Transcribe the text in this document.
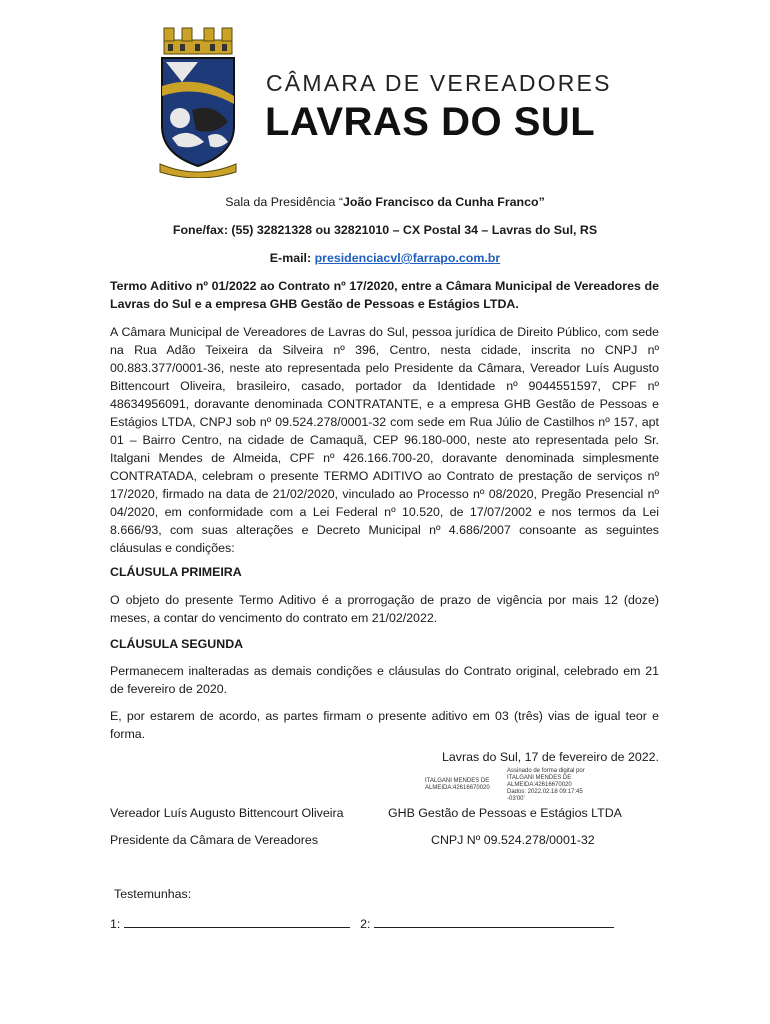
CÂMARA DE VEREADORES
LAVRAS DO SUL
Sala da Presidência “João Francisco da Cunha Franco”
Fone/fax: (55) 32821328 ou 32821010 – CX Postal 34 – Lavras do Sul, RS
E-mail: presidenciacvl@farrapo.com.br
Termo Aditivo nº 01/2022 ao Contrato nº 17/2020, entre a Câmara Municipal de Vereadores de Lavras do Sul e a empresa GHB Gestão de Pessoas e Estágios LTDA.
A Câmara Municipal de Vereadores de Lavras do Sul, pessoa jurídica de Direito Público, com sede na Rua Adão Teixeira da Silveira nº 396, Centro, nesta cidade, inscrita no CNPJ nº 00.883.377/0001-36, neste ato representada pelo Presidente da Câmara, Vereador Luís Augusto Bittencourt Oliveira, brasileiro, casado, portador da Identidade nº 9044551597, CPF nº 48634956091, doravante denominada CONTRATANTE, e a empresa GHB Gestão de Pessoas e Estágios LTDA, CNPJ sob nº 09.524.278/0001-32 com sede em Rua Júlio de Castilhos nº 157, apt 01 – Bairro Centro, na cidade de Camaquã, CEP 96.180-000, neste ato representada pelo Sr. Italgani Mendes de Almeida, CPF nº 426.166.700-20, doravante denominada simplesmente CONTRATADA, celebram o presente TERMO ADITIVO ao Contrato de prestação de serviços nº 17/2020, firmado na data de 21/02/2020, vinculado ao Processo nº 08/2020, Pregão Presencial nº 04/2020, em conformidade com a Lei Federal nº 10.520, de 17/07/2002 e nos termos da Lei 8.666/93, com suas alterações e Decreto Municipal nº 4.686/2007 consoante as seguintes cláusulas e condições:
CLÁUSULA PRIMEIRA
O objeto do presente Termo Aditivo é a prorrogação de prazo de vigência por mais 12 (doze) meses, a contar do vencimento do contrato em 21/02/2022.
CLÁUSULA SEGUNDA
Permanecem inalteradas as demais condições e cláusulas do Contrato original, celebrado em 21 de fevereiro de 2020.
E, por estarem de acordo, as partes firmam o presente aditivo em 03 (três) vias de igual teor e forma.
Lavras do Sul, 17 de fevereiro de 2022.
ITALGANI MENDES DE ALMEIDA:42616670020
Assinado de forma digital por
ITALGANI MENDES DE
ALMEIDA:42616670020
Dados: 2022.02.18 09:17:45
-03'00'
Vereador Luís Augusto Bittencourt Oliveira	GHB Gestão de Pessoas e Estágios LTDA
Presidente da Câmara de Vereadores	CNPJ Nº 09.524.278/0001-32
Testemunhas:
1:	2:
